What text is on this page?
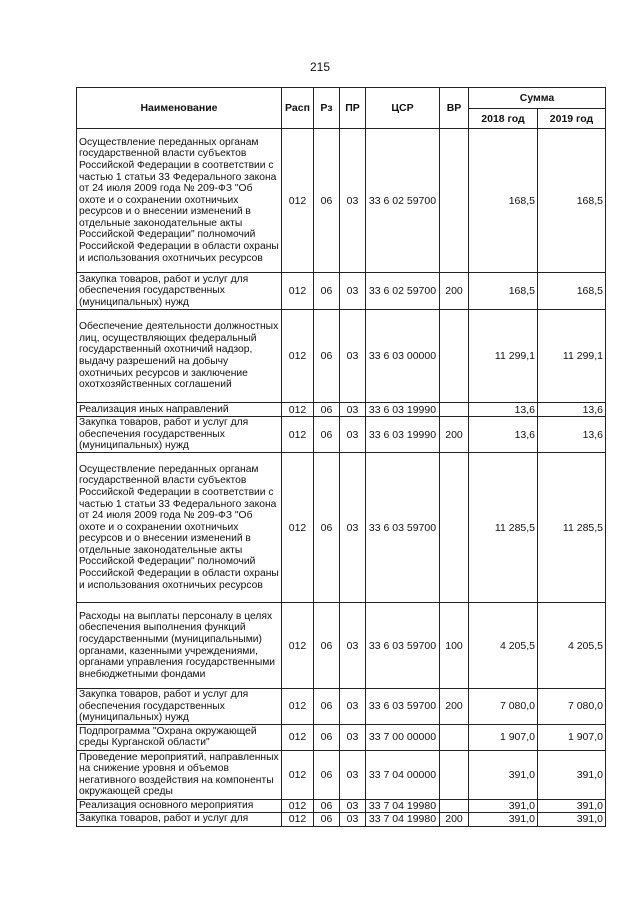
215
Наименование	Расп	Рз	ПР	ЦСР	ВР	Сумма	
						2018 год	2019 год
Осуществление переданных органам государственной власти субъектов Российской Федерации в соответствии с частью 1 статьи 33 Федерального закона от 24 июля 2009 года № 209-ФЗ "Об охоте и о сохранении охотничьих ресурсов и о внесении изменений в отдельные законодательные акты Российской Федерации" полномочий Российской Федерации в области охраны и использования охотничьих ресурсов	012	06	03	33 6 02 59700		168,5	168,5
Закупка товаров, работ и услуг для обеспечения государственных (муниципальных) нужд	012	06	03	33 6 02 59700	200	168,5	168,5
Обеспечение деятельности должностных лиц, осуществляющих федеральный государственный охотничий надзор, выдачу разрешений на добычу охотничьих ресурсов и заключение охотхозяйственных соглашений	012	06	03	33 6 03 00000		11 299,1	11 299,1
Реализация иных направлений	012	06	03	33 6 03 19990		13,6	13,6
Закупка товаров, работ и услуг для обеспечения государственных (муниципальных) нужд	012	06	03	33 6 03 19990	200	13,6	13,6
Осуществление переданных органам государственной власти субъектов Российской Федерации в соответствии с частью 1 статьи 33 Федерального закона от 24 июля 2009 года № 209-ФЗ "Об охоте и о сохранении охотничьих ресурсов и о внесении изменений в отдельные законодательные акты Российской Федерации" полномочий Российской Федерации в области охраны и использования охотничьих ресурсов	012	06	03	33 6 03 59700		11 285,5	11 285,5
Расходы на выплаты персоналу в целях обеспечения выполнения функций государственными (муниципальными) органами, казенными учреждениями, органами управления государственными внебюджетными фондами	012	06	03	33 6 03 59700	100	4 205,5	4 205,5
Закупка товаров, работ и услуг для обеспечения государственных (муниципальных) нужд	012	06	03	33 6 03 59700	200	7 080,0	7 080,0
Подпрограмма "Охрана окружающей среды Курганской области"	012	06	03	33 7 00 00000		1 907,0	1 907,0
Проведение мероприятий, направленных на снижение уровня и объемов негативного воздействия на компоненты окружающей среды	012	06	03	33 7 04 00000		391,0	391,0
Реализация основного мероприятия	012	06	03	33 7 04 19980		391,0	391,0
Закупка товаров, работ и услуг для	012	06	03	33 7 04 19980	200	391,0	391,0
